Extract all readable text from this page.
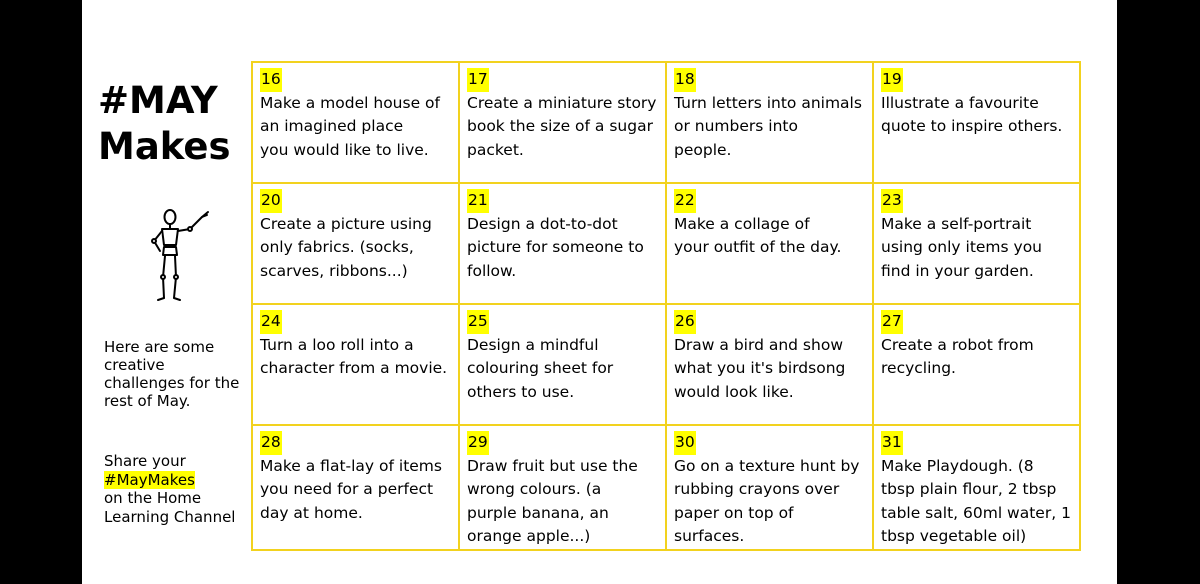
#MAY
Makes
Here are some creative challenges for the rest of May.
Share your
#MayMakes
on the Home Learning Channel
16
Make a model house of
an imagined place
you would like to live.	17
Create a miniature story
book the size of a sugar
packet.	18
Turn letters into animals
or numbers into
people.	19
Illustrate a favourite
quote to inspire others.

20
Create a picture using
only fabrics. (socks,
scarves, ribbons...)	21
Design a dot-to-dot
picture for someone to
follow.	22
Make a collage of
your outfit of the day.	23
Make a self-portrait
using only items you
find in your garden.

24
Turn a loo roll into a
character from a movie.	25
Design a mindful
colouring sheet for
others to use.	26
Draw a bird and show
what you it's birdsong
would look like.	27
Create a robot from
recycling.

28
Make a flat-lay of items
you need for a perfect
day at home.	29
Draw fruit but use the
wrong colours. (a
purple banana, an
orange apple...)	30
Go on a texture hunt by
rubbing crayons over
paper on top of
surfaces.	31
Make Playdough. (8
tbsp plain flour, 2 tbsp
table salt, 60ml water, 1
tbsp vegetable oil)
